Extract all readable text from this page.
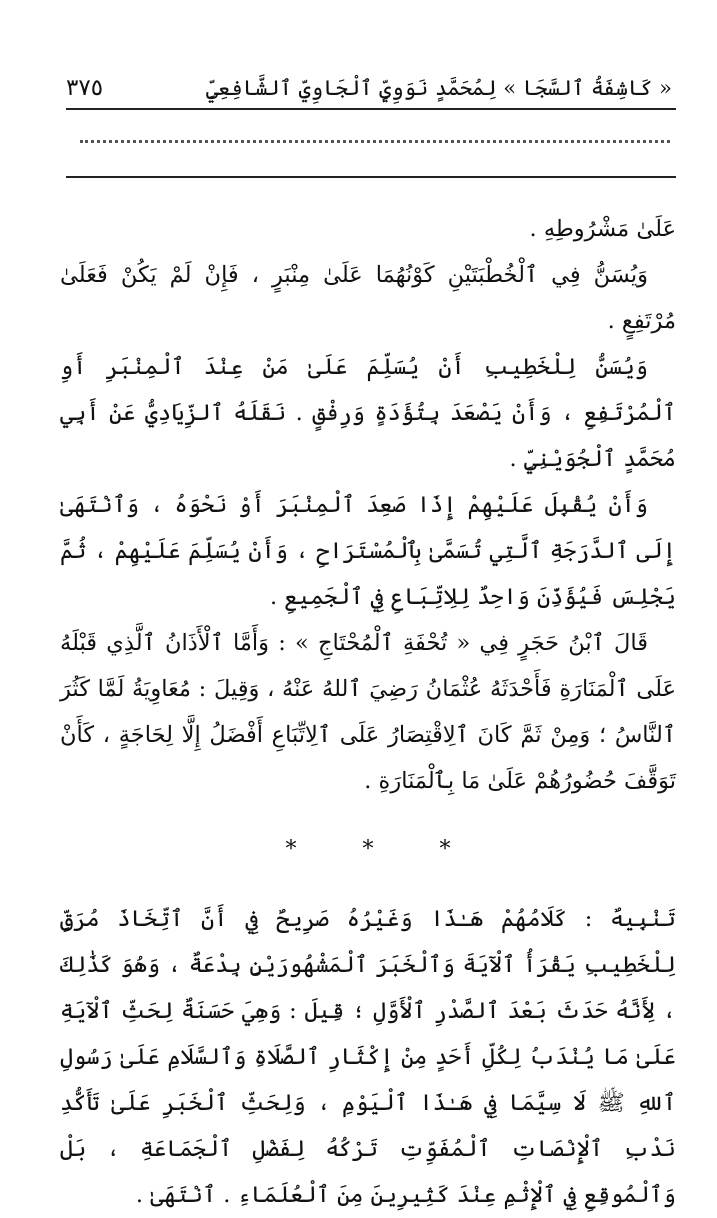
٣٧٥	« كَاشِفَةُ ٱلسَّجَا » لِمُحَمَّدٍ نَوَوِيٍّ ٱلْجَاوِيِّ ٱلشَّافِعِيِّ

عَلَىٰ مَشْرُوطِهِ .

وَيُسَنُّ فِي ٱلْخُطْبَتَيْنِ كَوْنُهُمَا عَلَىٰ مِنْبَرٍ ، فَإِنْ لَمْ يَكُنْ فَعَلَىٰ مُرْتَفِعٍ .

وَيُسَنُّ لِلْخَطِيبِ أَنْ يُسَلِّمَ عَلَىٰ مَنْ عِنْدَ ٱلْمِنْبَرِ أَوِ ٱلْمُرْتَفِعِ ، وَأَنْ يَصْعَدَ بِتُؤَدَةٍ وَرِفْقٍ . نَقَلَهُ ٱلزِّيَادِيُّ عَنْ أَبِي مُحَمَّدٍ ٱلْجُوَيْنِيِّ .

وَأَنْ يُقْبِلَ عَلَيْهِمْ إِذَا صَعِدَ ٱلْمِنْبَرَ أَوْ نَحْوَهُ ، وَٱنْتَهَىٰ إِلَى ٱلدَّرَجَةِ ٱلَّتِي تُسَمَّىٰ بِٱلْمُسْتَرَاحِ ، وَأَنْ يُسَلِّمَ عَلَيْهِمْ ، ثُمَّ يَجْلِسَ فَيُؤَذِّنَ وَاحِدٌ لِلِاتِّبَاعِ فِي ٱلْجَمِيعِ .

قَالَ ٱبْنُ حَجَرٍ فِي « تُحْفَةِ ٱلْمُحْتَاجِ » : وَأَمَّا ٱلْأَذَانُ ٱلَّذِي قَبْلَهُ عَلَى ٱلْمَنَارَةِ فَأَحْدَثَهُ عُثْمَانُ رَضِيَ ٱللهُ عَنْهُ ، وَقِيلَ : مُعَاوِيَةُ لَمَّا كَثُرَ ٱلنَّاسُ ؛ وَمِنْ ثَمَّ كَانَ ٱلِاقْتِصَارُ عَلَى ٱلِاتِّبَاعِ أَفْضَلُ إِلَّا لِحَاجَةٍ ، كَأَنْ تَوَقَّفَ حُضُورُهُمْ عَلَىٰ مَا بِٱلْمَنَارَةِ .

*	*	*

تَنْبِيهٌ : كَلَامُهُمْ هَـٰذَا وَغَيْرُهُ صَرِيحٌ فِي أَنَّ ٱتِّخَاذَ مُرَقٍّ لِلْخَطِيبِ يَقْرَأُ ٱلْآيَةَ وَٱلْخَبَرَ ٱلْمَشْهُورَيْنِ بِدْعَةٌ ، وَهُوَ كَذَٰلِكَ ، لِأَنَّهُ حَدَثَ بَعْدَ ٱلصَّدْرِ ٱلْأَوَّلِ ؛ قِيلَ : وَهِيَ حَسَنَةٌ لِحَثِّ ٱلْآيَةِ عَلَىٰ مَا يُنْدَبُ لِكُلِّ أَحَدٍ مِنْ إِكْثَارِ ٱلصَّلَاةِ وَٱلسَّلَامِ عَلَىٰ رَسُولِ ٱللهِ ﷺ لَا سِيَّمَا فِي هَـٰذَا ٱلْيَوْمِ ، وَلِحَثِّ ٱلْخَبَرِ عَلَىٰ تَأَكُّدِ نَدْبِ ٱلْإِنْصَاتِ ٱلْمُفَوِّتِ تَرْكُهُ لِفَضْلِ ٱلْجَمَاعَةِ ، بَلْ وَٱلْمُوقِعِ فِي ٱلْإِثْمِ عِنْدَ كَثِيرِينَ مِنَ ٱلْعُلَمَاءِ . ٱنْتَهَىٰ .
